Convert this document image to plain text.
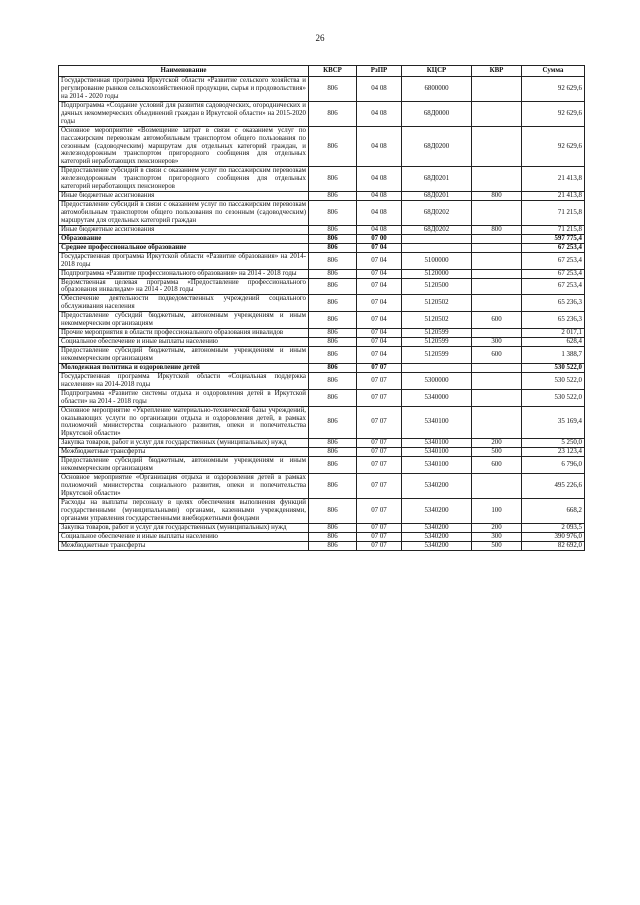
26
Наименование	КВСР	РзПР	КЦСР	КВР	Сумма
Государственная программа Иркутской области «Развитие сельского хозяйства и регулирование рынков сельскохозяйственной продукции, сырья и продовольствия» на 2014 - 2020 годы	806	04 08	6800000		92 629,6
Подпрограмма «Создание условий для развития садоводческих, огороднических и дачных некоммерческих объединений граждан в Иркутской области» на 2015-2020 годы	806	04 08	68Д0000		92 629,6
Основное мероприятие «Возмещение затрат в связи с оказанием услуг по пассажирским перевозкам автомобильным транспортом общего пользования по сезонным (садоводческим) маршрутам для отдельных категорий граждан, и железнодорожным транспортом пригородного сообщения для отдельных категорий неработающих пенсионеров»	806	04 08	68Д0200		92 629,6
Предоставление субсидий в связи с оказанием услуг по пассажирским перевозкам железнодорожным транспортом пригородного сообщения для отдельных категорий неработающих пенсионеров	806	04 08	68Д0201		21 413,8
Иные бюджетные ассигнования	806	04 08	68Д0201	800	21 413,8
Предоставление субсидий в связи с оказанием услуг по пассажирским перевозкам автомобильным транспортом общего пользования по сезонным (садоводческим) маршрутам для отдельных категорий граждан	806	04 08	68Д0202		71 215,8
Иные бюджетные ассигнования	806	04 08	68Д0202	800	71 215,8
Образование	806	07 00			597 775,4
Среднее профессиональное образование	806	07 04			67 253,4
Государственная программа Иркутской области «Развитие образования» на 2014-2018 годы	806	07 04	5100000		67 253,4
Подпрограмма «Развитие профессионального образования» на 2014 - 2018 годы	806	07 04	5120000		67 253,4
Ведомственная целевая программа «Предоставление профессионального образования инвалидам» на 2014 - 2018 годы	806	07 04	5120500		67 253,4
Обеспечение деятельности подведомственных учреждений социального обслуживания населения	806	07 04	5120502		65 236,3
Предоставление субсидий бюджетным, автономным учреждениям и иным некоммерческим организациям	806	07 04	5120502	600	65 236,3
Прочие мероприятия в области профессионального образования инвалидов	806	07 04	5120599		2 017,1
Социальное обеспечение и иные выплаты населению	806	07 04	5120599	300	628,4
Предоставление субсидий бюджетным, автономным учреждениям и иным некоммерческим организациям	806	07 04	5120599	600	1 388,7
Молодежная политика и оздоровление детей	806	07 07			530 522,0
Государственная программа Иркутской области «Социальная поддержка населения» на 2014-2018 годы	806	07 07	5300000		530 522,0
Подпрограмма «Развитие системы отдыха и оздоровления детей в Иркутской области» на 2014 - 2018 годы	806	07 07	5340000		530 522,0
Основное мероприятие «Укрепление материально-технической базы учреждений, оказывающих услуги по организации отдыха и оздоровления детей, в рамках полномочий министерства социального развития, опеки и попечительства Иркутской области»	806	07 07	5340100		35 169,4
Закупка товаров, работ и услуг для государственных (муниципальных) нужд	806	07 07	5340100	200	5 250,0
Межбюджетные трансферты	806	07 07	5340100	500	23 123,4
Предоставление субсидий бюджетным, автономным учреждениям и иным некоммерческим организациям	806	07 07	5340100	600	6 796,0
Основное мероприятие «Организация отдыха и оздоровления детей в рамках полномочий министерства социального развития, опеки и попечительства Иркутской области»	806	07 07	5340200		495 226,6
Расходы на выплаты персоналу в целях обеспечения выполнения функций государственными (муниципальными) органами, казенными учреждениями, органами управления государственными внебюджетными фондами	806	07 07	5340200	100	668,2
Закупка товаров, работ и услуг для государственных (муниципальных) нужд	806	07 07	5340200	200	2 093,5
Социальное обеспечение и иные выплаты населению	806	07 07	5340200	300	390 976,0
Межбюджетные трансферты	806	07 07	5340200	500	82 692,0
